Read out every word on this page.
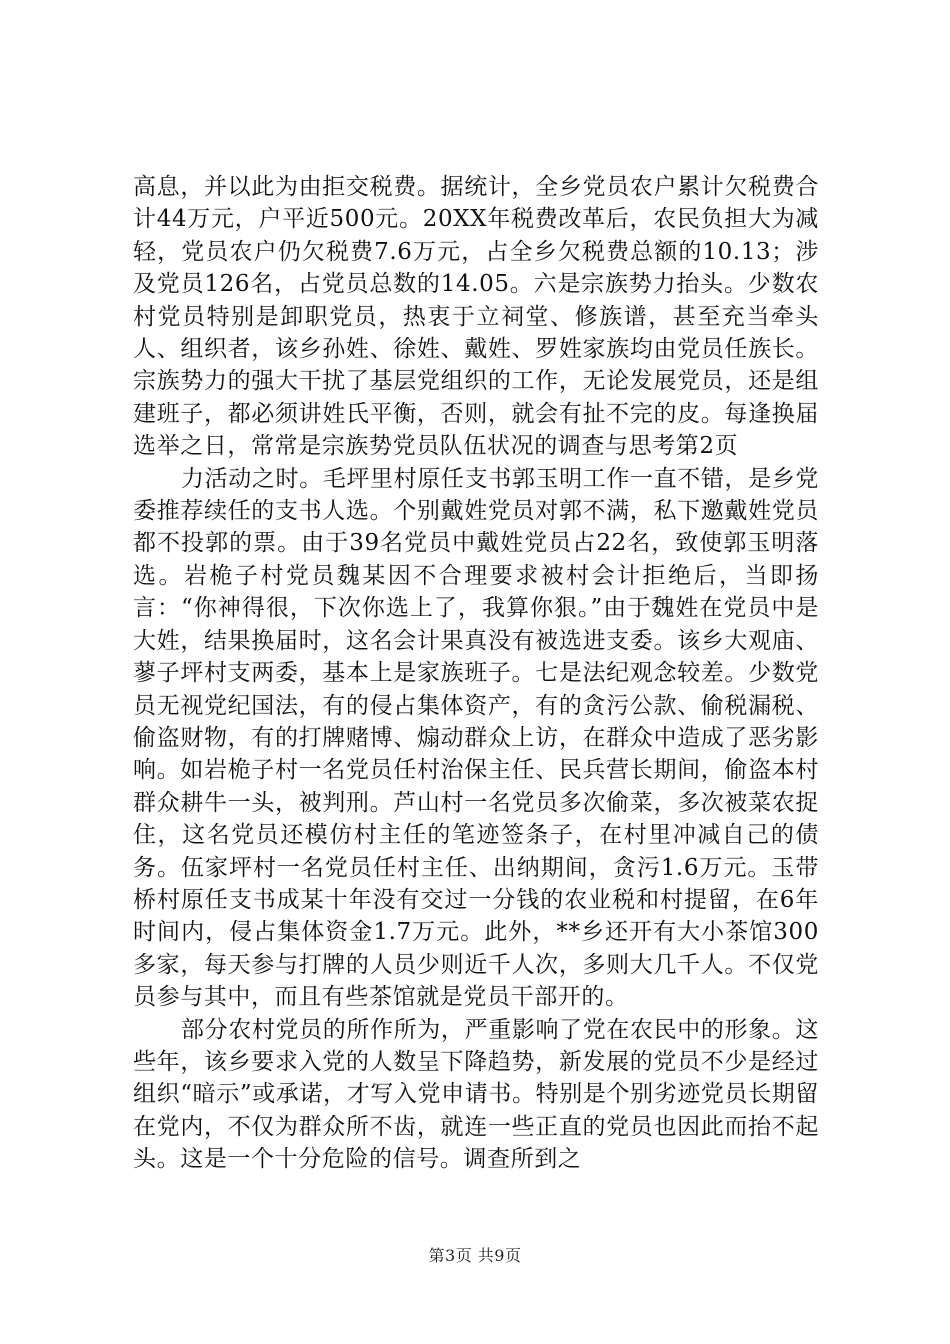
高息，并以此为由拒交税费。据统计，全乡党员农户累计欠税费合计44万元，户平近500元。20XX年税费改革后，农民负担大为减轻，党员农户仍欠税费7.6万元，占全乡欠税费总额的10.13；涉及党员126名，占党员总数的14.05。六是宗族势力抬头。少数农村党员特别是卸职党员，热衷于立祠堂、修族谱，甚至充当牵头人、组织者，该乡孙姓、徐姓、戴姓、罗姓家族均由党员任族长。宗族势力的强大干扰了基层党组织的工作，无论发展党员，还是组建班子，都必须讲姓氏平衡，否则，就会有扯不完的皮。每逢换届选举之日，常常是宗族势党员队伍状况的调查与思考第2页

力活动之时。毛坪里村原任支书郭玉明工作一直不错，是乡党委推荐续任的支书人选。个别戴姓党员对郭不满，私下邀戴姓党员都不投郭的票。由于39名党员中戴姓党员占22名，致使郭玉明落选。岩桅子村党员魏某因不合理要求被村会计拒绝后，当即扬言：“你神得很，下次你选上了，我算你狠。”由于魏姓在党员中是大姓，结果换届时，这名会计果真没有被选进支委。该乡大观庙、蓼子坪村支两委，基本上是家族班子。七是法纪观念较差。少数党员无视党纪国法，有的侵占集体资产，有的贪污公款、偷税漏税、偷盗财物，有的打牌赌博、煽动群众上访，在群众中造成了恶劣影响。如岩桅子村一名党员任村治保主任、民兵营长期间，偷盗本村群众耕牛一头，被判刑。芦山村一名党员多次偷菜，多次被菜农捉住，这名党员还模仿村主任的笔迹签条子，在村里冲减自己的债务。伍家坪村一名党员任村主任、出纳期间，贪污1.6万元。玉带桥村原任支书成某十年没有交过一分钱的农业税和村提留，在6年时间内，侵占集体资金1.7万元。此外，**乡还开有大小茶馆300多家，每天参与打牌的人员少则近千人次，多则大几千人。不仅党员参与其中，而且有些茶馆就是党员干部开的。

部分农村党员的所作所为，严重影响了党在农民中的形象。这些年，该乡要求入党的人数呈下降趋势，新发展的党员不少是经过组织“暗示”或承诺，才写入党申请书。特别是个别劣迹党员长期留在党内，不仅为群众所不齿，就连一些正直的党员也因此而抬不起头。这是一个十分危险的信号。调查所到之

第3页 共9页
